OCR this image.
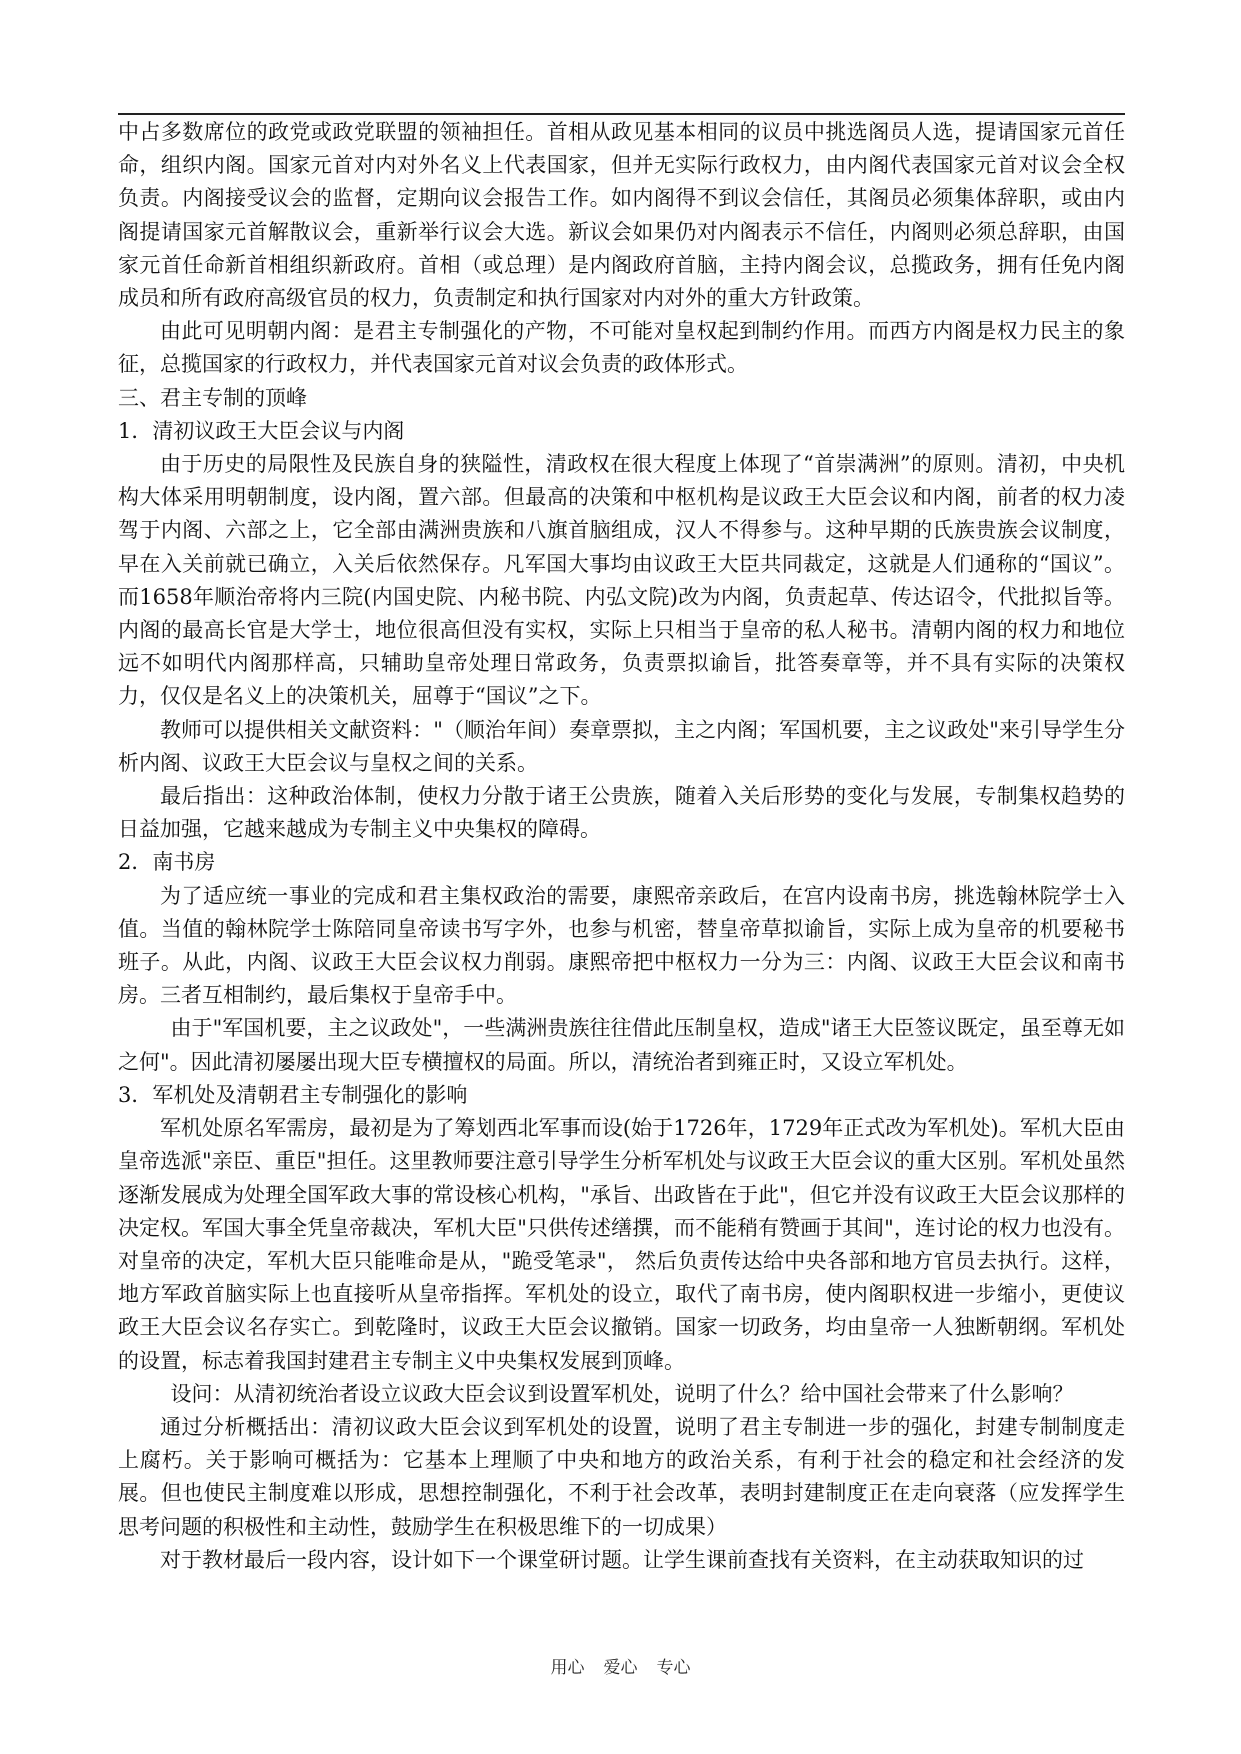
中占多数席位的政党或政党联盟的领袖担任。首相从政见基本相同的议员中挑选阁员人选，提请国家元首任命，组织内阁。国家元首对内对外名义上代表国家，但并无实际行政权力，由内阁代表国家元首对议会全权负责。内阁接受议会的监督，定期向议会报告工作。如内阁得不到议会信任，其阁员必须集体辞职，或由内阁提请国家元首解散议会，重新举行议会大选。新议会如果仍对内阁表示不信任，内阁则必须总辞职，由国家元首任命新首相组织新政府。首相（或总理）是内阁政府首脑，主持内阁会议，总揽政务，拥有任免内阁成员和所有政府高级官员的权力，负责制定和执行国家对内对外的重大方针政策。

由此可见明朝内阁：是君主专制强化的产物，不可能对皇权起到制约作用。而西方内阁是权力民主的象征，总揽国家的行政权力，并代表国家元首对议会负责的政体形式。

三、君主专制的顶峰

1．清初议政王大臣会议与内阁

由于历史的局限性及民族自身的狭隘性，清政权在很大程度上体现了“首崇满洲”的原则。清初，中央机构大体采用明朝制度，设内阁，置六部。但最高的决策和中枢机构是议政王大臣会议和内阁，前者的权力凌驾于内阁、六部之上，它全部由满洲贵族和八旗首脑组成，汉人不得参与。这种早期的氏族贵族会议制度，早在入关前就已确立，入关后依然保存。凡军国大事均由议政王大臣共同裁定，这就是人们通称的“国议”。而1658年顺治帝将内三院(内国史院、内秘书院、内弘文院)改为内阁，负责起草、传达诏令，代批拟旨等。内阁的最高长官是大学士，地位很高但没有实权，实际上只相当于皇帝的私人秘书。清朝内阁的权力和地位远不如明代内阁那样高，只辅助皇帝处理日常政务，负责票拟谕旨，批答奏章等，并不具有实际的决策权力，仅仅是名义上的决策机关，屈尊于“国议”之下。

教师可以提供相关文献资料："（顺治年间）奏章票拟，主之内阁；军国机要，主之议政处"来引导学生分析内阁、议政王大臣会议与皇权之间的关系。

最后指出：这种政治体制，使权力分散于诸王公贵族，随着入关后形势的变化与发展，专制集权趋势的日益加强，它越来越成为专制主义中央集权的障碍。

2．南书房

为了适应统一事业的完成和君主集权政治的需要，康熙帝亲政后，在宫内设南书房，挑选翰林院学士入值。当值的翰林院学士陈陪同皇帝读书写字外，也参与机密，替皇帝草拟谕旨，实际上成为皇帝的机要秘书班子。从此，内阁、议政王大臣会议权力削弱。康熙帝把中枢权力一分为三：内阁、议政王大臣会议和南书房。三者互相制约，最后集权于皇帝手中。

由于"军国机要，主之议政处"，一些满洲贵族往往借此压制皇权，造成"诸王大臣签议既定，虽至尊无如之何"。因此清初屡屡出现大臣专横擅权的局面。所以，清统治者到雍正时，又设立军机处。

3．军机处及清朝君主专制强化的影响

军机处原名军需房，最初是为了筹划西北军事而设(始于1726年，1729年正式改为军机处)。军机大臣由皇帝选派"亲臣、重臣"担任。这里教师要注意引导学生分析军机处与议政王大臣会议的重大区别。军机处虽然逐渐发展成为处理全国军政大事的常设核心机构，"承旨、出政皆在于此"，但它并没有议政王大臣会议那样的决定权。军国大事全凭皇帝裁决，军机大臣"只供传述缮撰，而不能稍有赞画于其间"，连讨论的权力也没有。对皇帝的决定，军机大臣只能唯命是从，"跪受笔录"， 然后负责传达给中央各部和地方官员去执行。这样，地方军政首脑实际上也直接听从皇帝指挥。军机处的设立，取代了南书房，使内阁职权进一步缩小，更使议政王大臣会议名存实亡。到乾隆时，议政王大臣会议撤销。国家一切政务，均由皇帝一人独断朝纲。军机处的设置，标志着我国封建君主专制主义中央集权发展到顶峰。

设问：从清初统治者设立议政大臣会议到设置军机处，说明了什么？给中国社会带来了什么影响？

通过分析概括出：清初议政大臣会议到军机处的设置，说明了君主专制进一步的强化，封建专制制度走上腐朽。关于影响可概括为：它基本上理顺了中央和地方的政治关系，有利于社会的稳定和社会经济的发展。但也使民主制度难以形成，思想控制强化，不利于社会改革，表明封建制度正在走向衰落（应发挥学生思考问题的积极性和主动性，鼓励学生在积极思维下的一切成果）

对于教材最后一段内容，设计如下一个课堂研讨题。让学生课前查找有关资料，在主动获取知识的过

用心 爱心 专心
